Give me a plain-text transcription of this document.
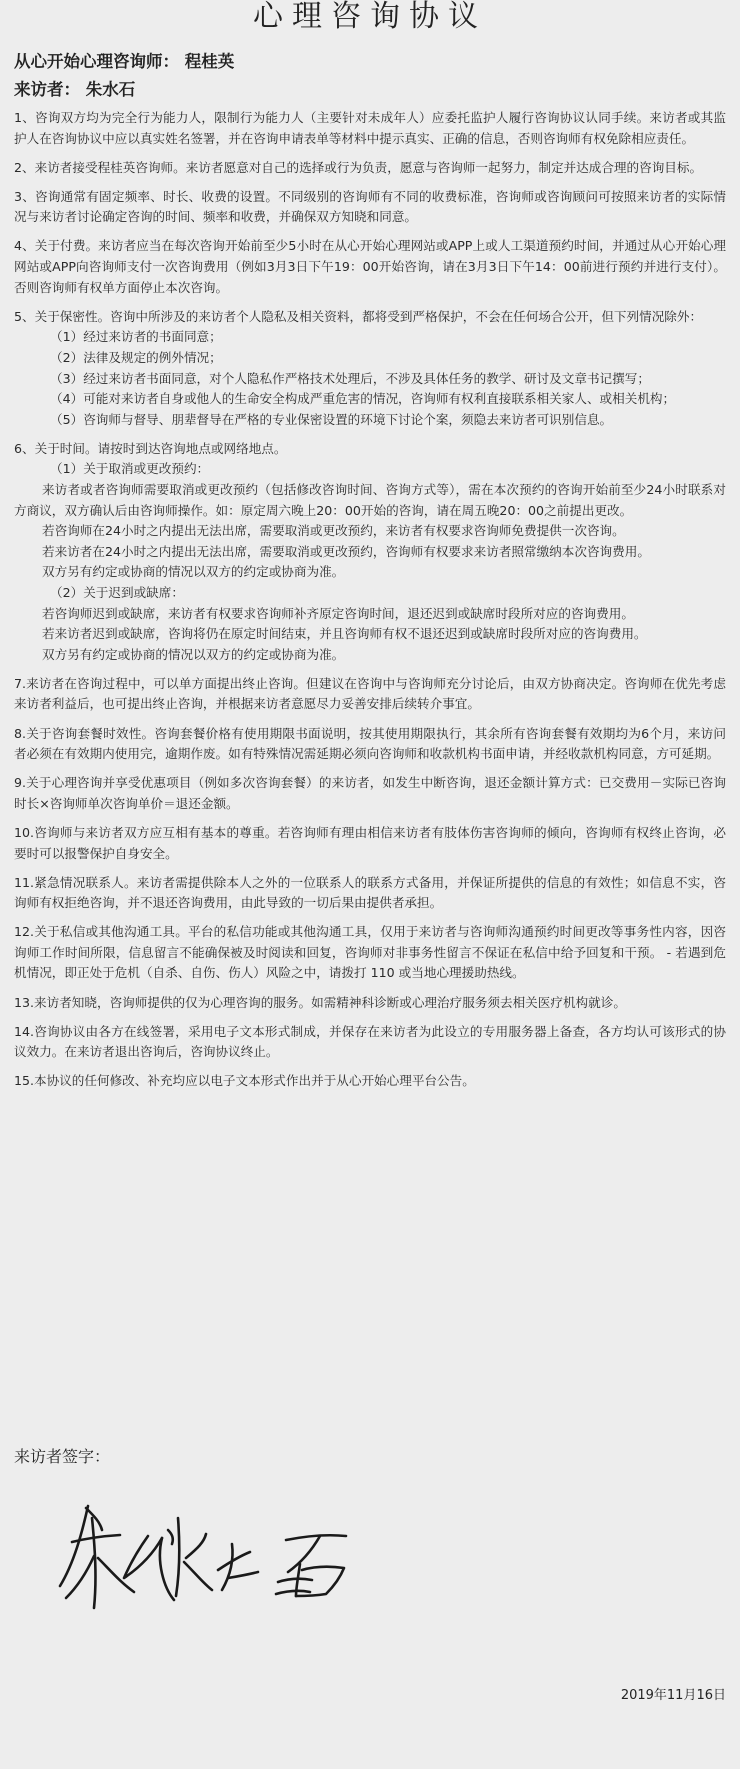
心理咨询协议
从心开始心理咨询师： 程桂英
来访者： 朱水石

1、咨询双方均为完全行为能力人，限制行为能力人（主要针对未成年人）应委托监护人履行咨询协议认同手续。来访者或其监护人在咨询协议中应以真实姓名签署，并在咨询申请表单等材料中提示真实、正确的信息，否则咨询师有权免除相应责任。

2、来访者接受程桂英咨询师。来访者愿意对自己的选择或行为负责，愿意与咨询师一起努力，制定并达成合理的咨询目标。

3、咨询通常有固定频率、时长、收费的设置。不同级别的咨询师有不同的收费标准，咨询师或咨询顾问可按照来访者的实际情况与来访者讨论确定咨询的时间、频率和收费，并确保双方知晓和同意。

4、关于付费。来访者应当在每次咨询开始前至少5小时在从心开始心理网站或APP上或人工渠道预约时间，并通过从心开始心理网站或APP向咨询师支付一次咨询费用（例如3月3日下午19：00开始咨询，请在3月3日下午14：00前进行预约并进行支付）。否则咨询师有权单方面停止本次咨询。

5、关于保密性。咨询中所涉及的来访者个人隐私及相关资料，都将受到严格保护，不会在任何场合公开，但下列情况除外：

（1）经过来访者的书面同意；

（2）法律及规定的例外情况；

（3）经过来访者书面同意，对个人隐私作严格技术处理后，不涉及具体任务的教学、研讨及文章书记撰写；

（4）可能对来访者自身或他人的生命安全构成严重危害的情况，咨询师有权利直接联系相关家人、或相关机构；

（5）咨询师与督导、朋辈督导在严格的专业保密设置的环境下讨论个案，须隐去来访者可识别信息。

6、关于时间。请按时到达咨询地点或网络地点。

（1）关于取消或更改预约：

来访者或者咨询师需要取消或更改预约（包括修改咨询时间、咨询方式等），需在本次预约的咨询开始前至少24小时联系对方商议，双方确认后由咨询师操作。如：原定周六晚上20：00开始的咨询，请在周五晚20：00之前提出更改。

若咨询师在24小时之内提出无法出席，需要取消或更改预约，来访者有权要求咨询师免费提供一次咨询。

若来访者在24小时之内提出无法出席，需要取消或更改预约，咨询师有权要求来访者照常缴纳本次咨询费用。

双方另有约定或协商的情况以双方的约定或协商为准。

（2）关于迟到或缺席：

若咨询师迟到或缺席，来访者有权要求咨询师补齐原定咨询时间，退还迟到或缺席时段所对应的咨询费用。

若来访者迟到或缺席，咨询将仍在原定时间结束，并且咨询师有权不退还迟到或缺席时段所对应的咨询费用。

双方另有约定或协商的情况以双方的约定或协商为准。

7.来访者在咨询过程中，可以单方面提出终止咨询。但建议在咨询中与咨询师充分讨论后，由双方协商决定。咨询师在优先考虑来访者利益后，也可提出终止咨询，并根据来访者意愿尽力妥善安排后续转介事宜。

8.关于咨询套餐时效性。咨询套餐价格有使用期限书面说明，按其使用期限执行，其余所有咨询套餐有效期均为6个月，来访问者必须在有效期内使用完，逾期作废。如有特殊情况需延期必须向咨询师和收款机构书面申请，并经收款机构同意，方可延期。

9.关于心理咨询并享受优惠项目（例如多次咨询套餐）的来访者，如发生中断咨询，退还金额计算方式：已交费用－实际已咨询时长×咨询师单次咨询单价＝退还金额。

10.咨询师与来访者双方应互相有基本的尊重。若咨询师有理由相信来访者有肢体伤害咨询师的倾向，咨询师有权终止咨询，必要时可以报警保护自身安全。

11.紧急情况联系人。来访者需提供除本人之外的一位联系人的联系方式备用，并保证所提供的信息的有效性；如信息不实，咨询师有权拒绝咨询，并不退还咨询费用，由此导致的一切后果由提供者承担。

12.关于私信或其他沟通工具。平台的私信功能或其他沟通工具，仅用于来访者与咨询师沟通预约时间更改等事务性内容，因咨询师工作时间所限，信息留言不能确保被及时阅读和回复，咨询师对非事务性留言不保证在私信中给予回复和干预。 - 若遇到危机情况，即正处于危机（自杀、自伤、伤人）风险之中，请拨打 110 或当地心理援助热线。

13.来访者知晓，咨询师提供的仅为心理咨询的服务。如需精神科诊断或心理治疗服务须去相关医疗机构就诊。

14.咨询协议由各方在线签署，采用电子文本形式制成，并保存在来访者为此设立的专用服务器上备查，各方均认可该形式的协议效力。在来访者退出咨询后，咨询协议终止。

15.本协议的任何修改、补充均应以电子文本形式作出并于从心开始心理平台公告。

来访者签字：
2019年11月16日
